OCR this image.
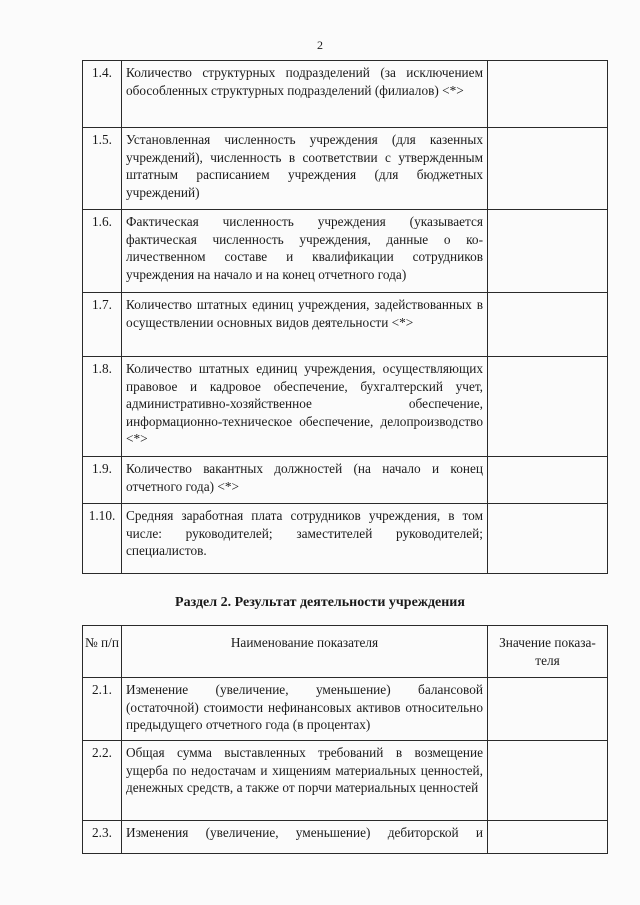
2
1.4.	Количество структурных подразделений (за исключением обособленных структурных подразделений (филиалов) <*>	
1.5.	Установленная численность учреждения (для казенных учреждений), численность в соответствии с утвержденным штатным расписанием учреждения (для бюджетных учреждений)	
1.6.	Фактическая численность учреждения (указывается фактическая численность учреждения, данные о количественном составе и квалификации сотрудников учреждения на начало и на конец отчетного года)	
1.7.	Количество штатных единиц учреждения, задействованных в осуществлении основных видов деятельности <*>	
1.8.	Количество штатных единиц учреждения, осуществляющих правовое и кадровое обеспечение, бухгалтерский учет, административно-хозяйственное обеспечение, информационно-техническое обеспечение, делопроизводство <*>	
1.9.	Количество вакантных должностей (на начало и конец отчетного года) <*>	
1.10.	Средняя заработная плата сотрудников учреждения, в том числе: руководителей; заместителей руководителей; специалистов.	
Раздел 2. Результат деятельности учреждения
№ п/п	Наименование показателя	Значение показателя
2.1.	Изменение (увеличение, уменьшение) балансовой (остаточной) стоимости нефинансовых активов относительно предыдущего отчетного года (в процентах)	
2.2.	Общая сумма выставленных требований в возмещение ущерба по недостачам и хищениям материальных ценностей, денежных средств, а также от порчи материальных ценностей	
2.3.	Изменения (увеличение, уменьшение) дебиторской и	
